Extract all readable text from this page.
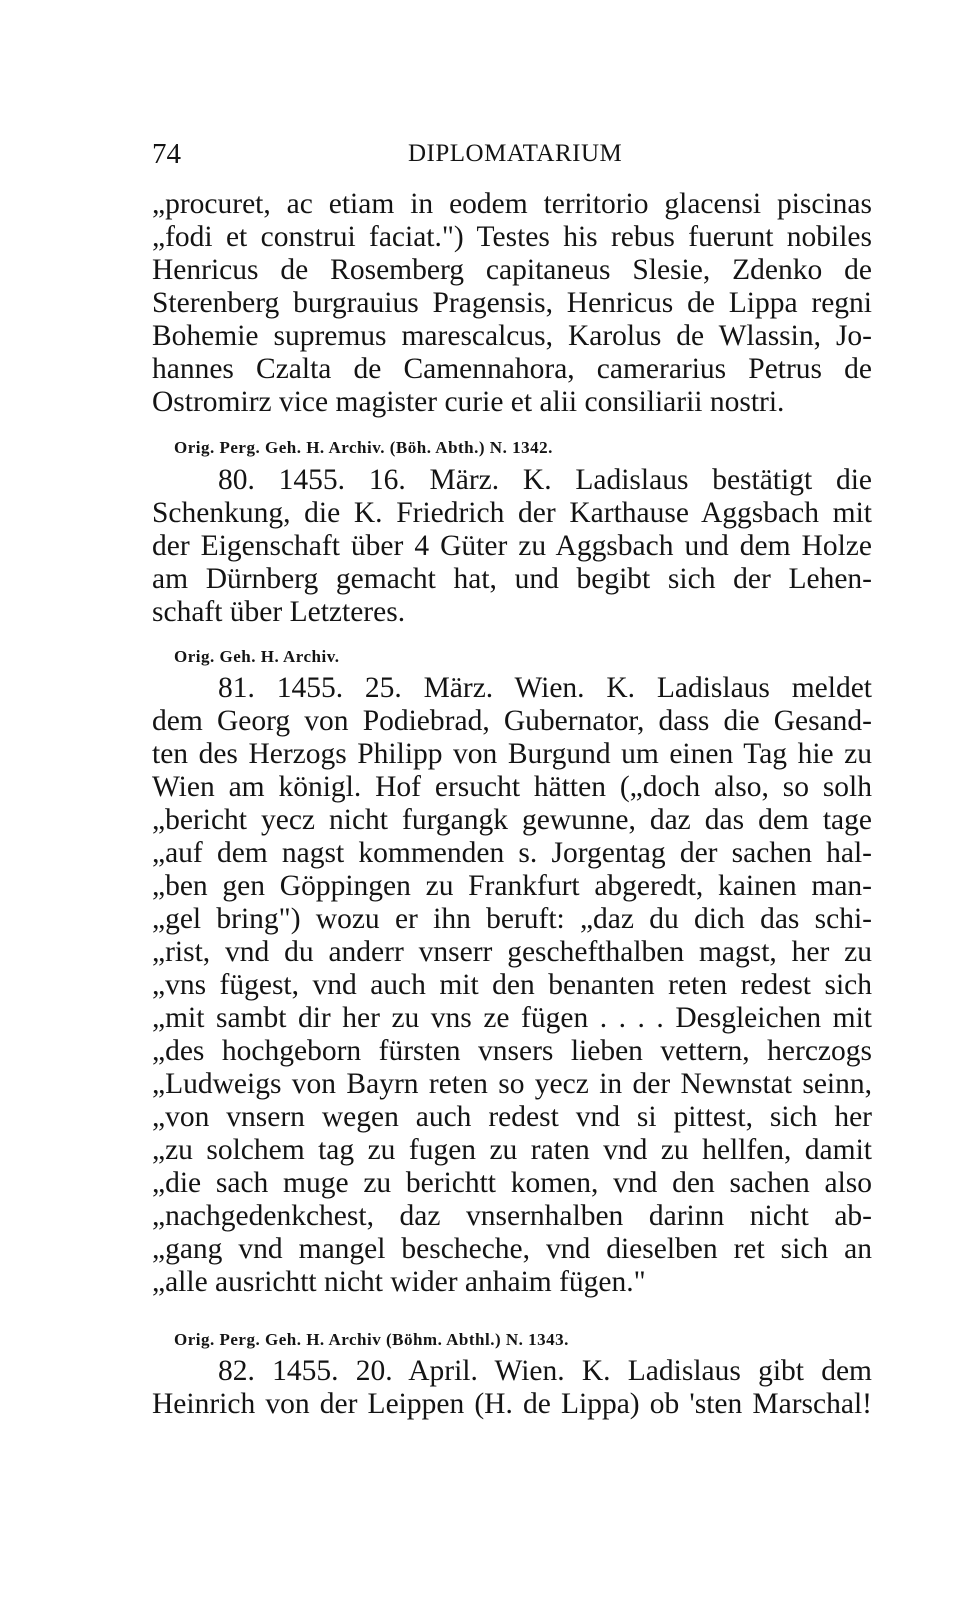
74	DIPLOMATARIUM
„procuret, ac etiam in eodem territorio glacensi piscinas
„fodi et construi faciat.") Testes his rebus fuerunt nobiles
Henricus de Rosemberg capitaneus Slesie, Zdenko de
Sterenberg burgrauius Pragensis, Henricus de Lippa regni
Bohemie supremus marescalcus, Karolus de Wlassin, Jo-
hannes Czalta de Camennahora, camerarius Petrus de
Ostromirz vice magister curie et alii consiliarii nostri.
Orig. Perg. Geh. H. Archiv. (Böh. Abth.) N. 1342.
80. 1455. 16. März. K. Ladislaus bestätigt die
Schenkung, die K. Friedrich der Karthause Aggsbach mit
der Eigenschaft über 4 Güter zu Aggsbach und dem Holze
am Dürnberg gemacht hat, und begibt sich der Lehen-
schaft über Letzteres.
Orig. Geh. H. Archiv.
81. 1455. 25. März. Wien. K. Ladislaus meldet
dem Georg von Podiebrad, Gubernator, dass die Gesand-
ten des Herzogs Philipp von Burgund um einen Tag hie zu
Wien am königl. Hof ersucht hätten („doch also, so solh
„bericht yecz nicht furgangk gewunne, daz das dem tage
„auf dem nagst kommenden s. Jorgentag der sachen hal-
„ben gen Göppingen zu Frankfurt abgeredt, kainen man-
„gel bring") wozu er ihn beruft: „daz du dich das schi-
„rist, vnd du anderr vnserr geschefthalben magst, her zu
„vns fügest, vnd auch mit den benanten reten redest sich
„mit sambt dir her zu vns ze fügen . . . . Desgleichen mit
„des hochgeborn fürsten vnsers lieben vettern, herczogs
„Ludweigs von Bayrn reten so yecz in der Newnstat seinn,
„von vnsern wegen auch redest vnd si pittest, sich her
„zu solchem tag zu fugen zu raten vnd zu hellfen, damit
„die sach muge zu berichtt komen, vnd den sachen also
„nachgedenkchest, daz vnsernhalben darinn nicht ab-
„gang vnd mangel bescheche, vnd dieselben ret sich an
„alle ausrichtt nicht wider anhaim fügen."
Orig. Perg. Geh. H. Archiv (Böhm. Abthl.) N. 1343.
82. 1455. 20. April. Wien. K. Ladislaus gibt dem
Heinrich von der Leippen (H. de Lippa) ob 'sten Marschal!
